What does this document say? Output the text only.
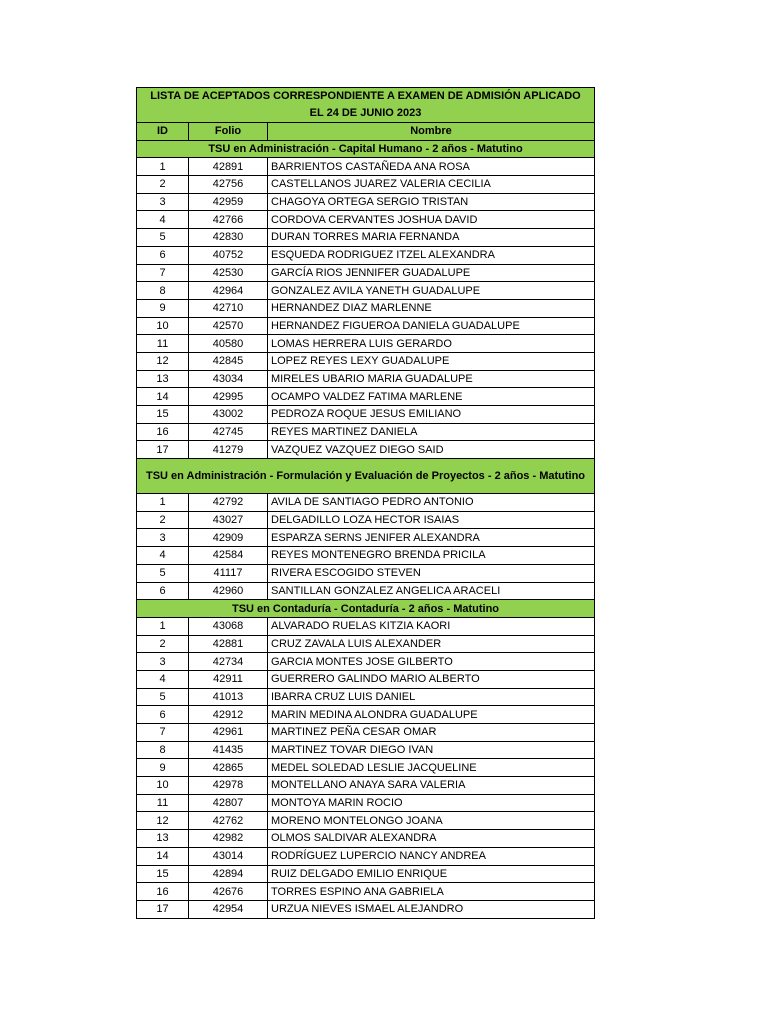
LISTA DE ACEPTADOS CORRESPONDIENTE A EXAMEN DE ADMISIÓN APLICADO EL 24 DE JUNIO 2023		
ID	Folio	Nombre
TSU en Administración - Capital Humano - 2 años - Matutino		
1	42891	BARRIENTOS CASTAÑEDA ANA ROSA
2	42756	CASTELLANOS JUAREZ VALERIA CECILIA
3	42959	CHAGOYA ORTEGA SERGIO TRISTAN
4	42766	CORDOVA CERVANTES JOSHUA DAVID
5	42830	DURAN TORRES MARIA FERNANDA
6	40752	ESQUEDA RODRIGUEZ ITZEL ALEXANDRA
7	42530	GARCÍA RIOS JENNIFER GUADALUPE
8	42964	GONZALEZ AVILA YANETH GUADALUPE
9	42710	HERNANDEZ DIAZ MARLENNE
10	42570	HERNANDEZ FIGUEROA DANIELA GUADALUPE
11	40580	LOMAS HERRERA LUIS GERARDO
12	42845	LOPEZ REYES LEXY GUADALUPE
13	43034	MIRELES UBARIO MARIA GUADALUPE
14	42995	OCAMPO VALDEZ FATIMA MARLENE
15	43002	PEDROZA ROQUE JESUS EMILIANO
16	42745	REYES MARTINEZ DANIELA
17	41279	VAZQUEZ VAZQUEZ DIEGO SAID
TSU en Administración - Formulación y Evaluación de Proyectos - 2 años - Matutino		
1	42792	AVILA DE SANTIAGO PEDRO ANTONIO
2	43027	DELGADILLO LOZA HECTOR ISAIAS
3	42909	ESPARZA SERNS JENIFER ALEXANDRA
4	42584	REYES MONTENEGRO BRENDA PRICILA
5	41117	RIVERA ESCOGIDO STEVEN
6	42960	SANTILLAN GONZALEZ ANGELICA ARACELI
TSU en Contaduría - Contaduría - 2 años - Matutino		
1	43068	ALVARADO RUELAS KITZIA KAORI
2	42881	CRUZ ZAVALA LUIS ALEXANDER
3	42734	GARCIA MONTES JOSE GILBERTO
4	42911	GUERRERO GALINDO MARIO ALBERTO
5	41013	IBARRA CRUZ LUIS DANIEL
6	42912	MARIN MEDINA ALONDRA GUADALUPE
7	42961	MARTINEZ PEÑA CESAR OMAR
8	41435	MARTINEZ TOVAR DIEGO IVAN
9	42865	MEDEL SOLEDAD LESLIE JACQUELINE
10	42978	MONTELLANO ANAYA SARA VALERIA
11	42807	MONTOYA MARIN ROCIO
12	42762	MORENO MONTELONGO JOANA
13	42982	OLMOS SALDIVAR ALEXANDRA
14	43014	RODRÍGUEZ LUPERCIO NANCY ANDREA
15	42894	RUIZ DELGADO EMILIO ENRIQUE
16	42676	TORRES ESPINO ANA GABRIELA
17	42954	URZUA NIEVES ISMAEL ALEJANDRO
